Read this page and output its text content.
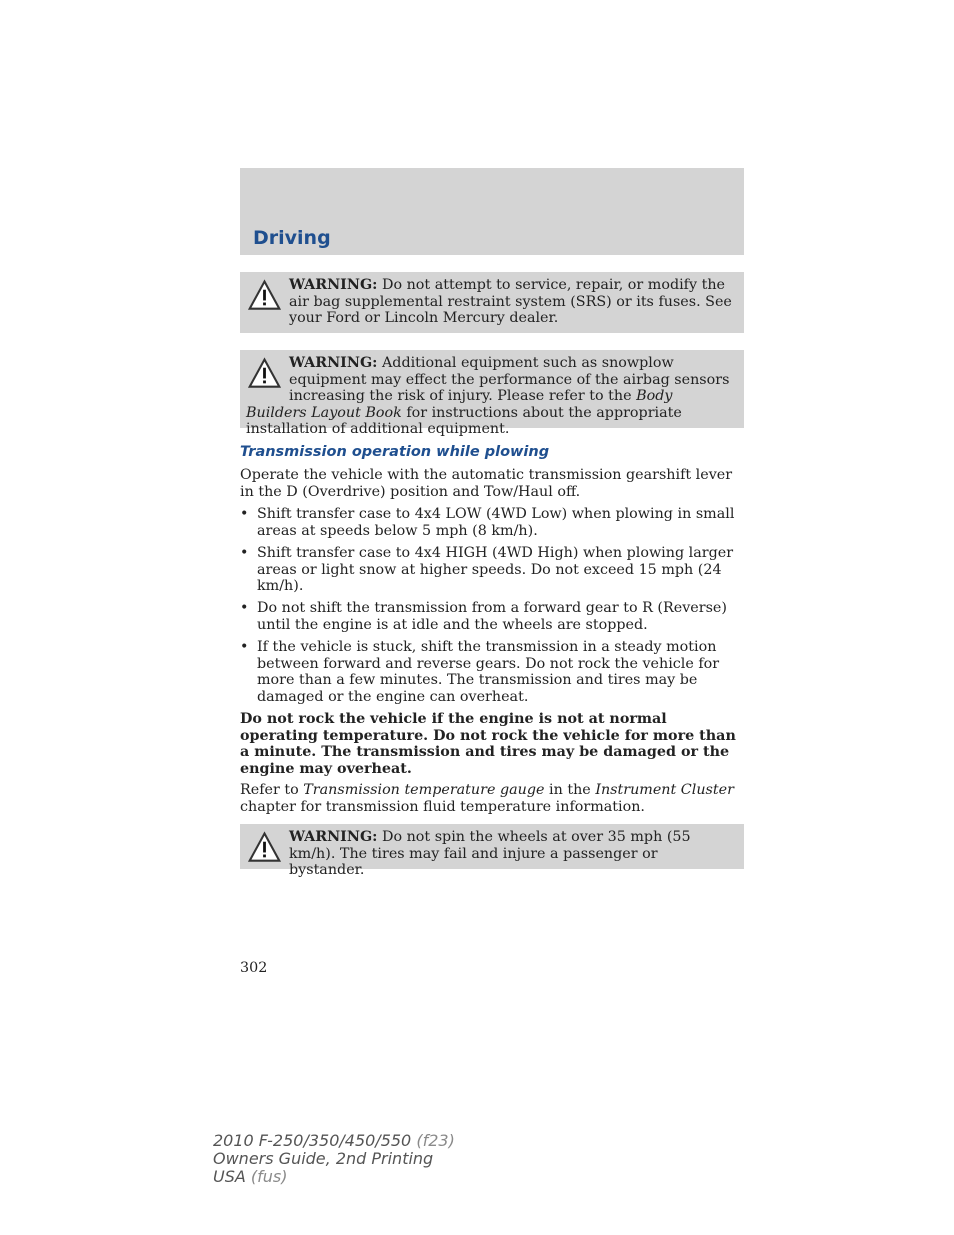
Driving
WARNING: Do not attempt to service, repair, or modify the air bag supplemental restraint system (SRS) or its fuses. See your Ford or Lincoln Mercury dealer.
WARNING: Additional equipment such as snowplow equipment may effect the performance of the airbag sensors increasing the risk of injury. Please refer to the Body Builders Layout Book for instructions about the appropriate installation of additional equipment.
Transmission operation while plowing
Operate the vehicle with the automatic transmission gearshift lever in the D (Overdrive) position and Tow/Haul off.
• Shift transfer case to 4x4 LOW (4WD Low) when plowing in small areas at speeds below 5 mph (8 km/h).
• Shift transfer case to 4x4 HIGH (4WD High) when plowing larger areas or light snow at higher speeds. Do not exceed 15 mph (24 km/h).
• Do not shift the transmission from a forward gear to R (Reverse) until the engine is at idle and the wheels are stopped.
• If the vehicle is stuck, shift the transmission in a steady motion between forward and reverse gears. Do not rock the vehicle for more than a few minutes. The transmission and tires may be damaged or the engine can overheat.
Do not rock the vehicle if the engine is not at normal operating temperature. Do not rock the vehicle for more than a minute. The transmission and tires may be damaged or the engine may overheat.
Refer to Transmission temperature gauge in the Instrument Cluster chapter for transmission fluid temperature information.
WARNING: Do not spin the wheels at over 35 mph (55 km/h). The tires may fail and injure a passenger or bystander.
302
2010 F-250/350/450/550 (f23)
Owners Guide, 2nd Printing
USA (fus)
